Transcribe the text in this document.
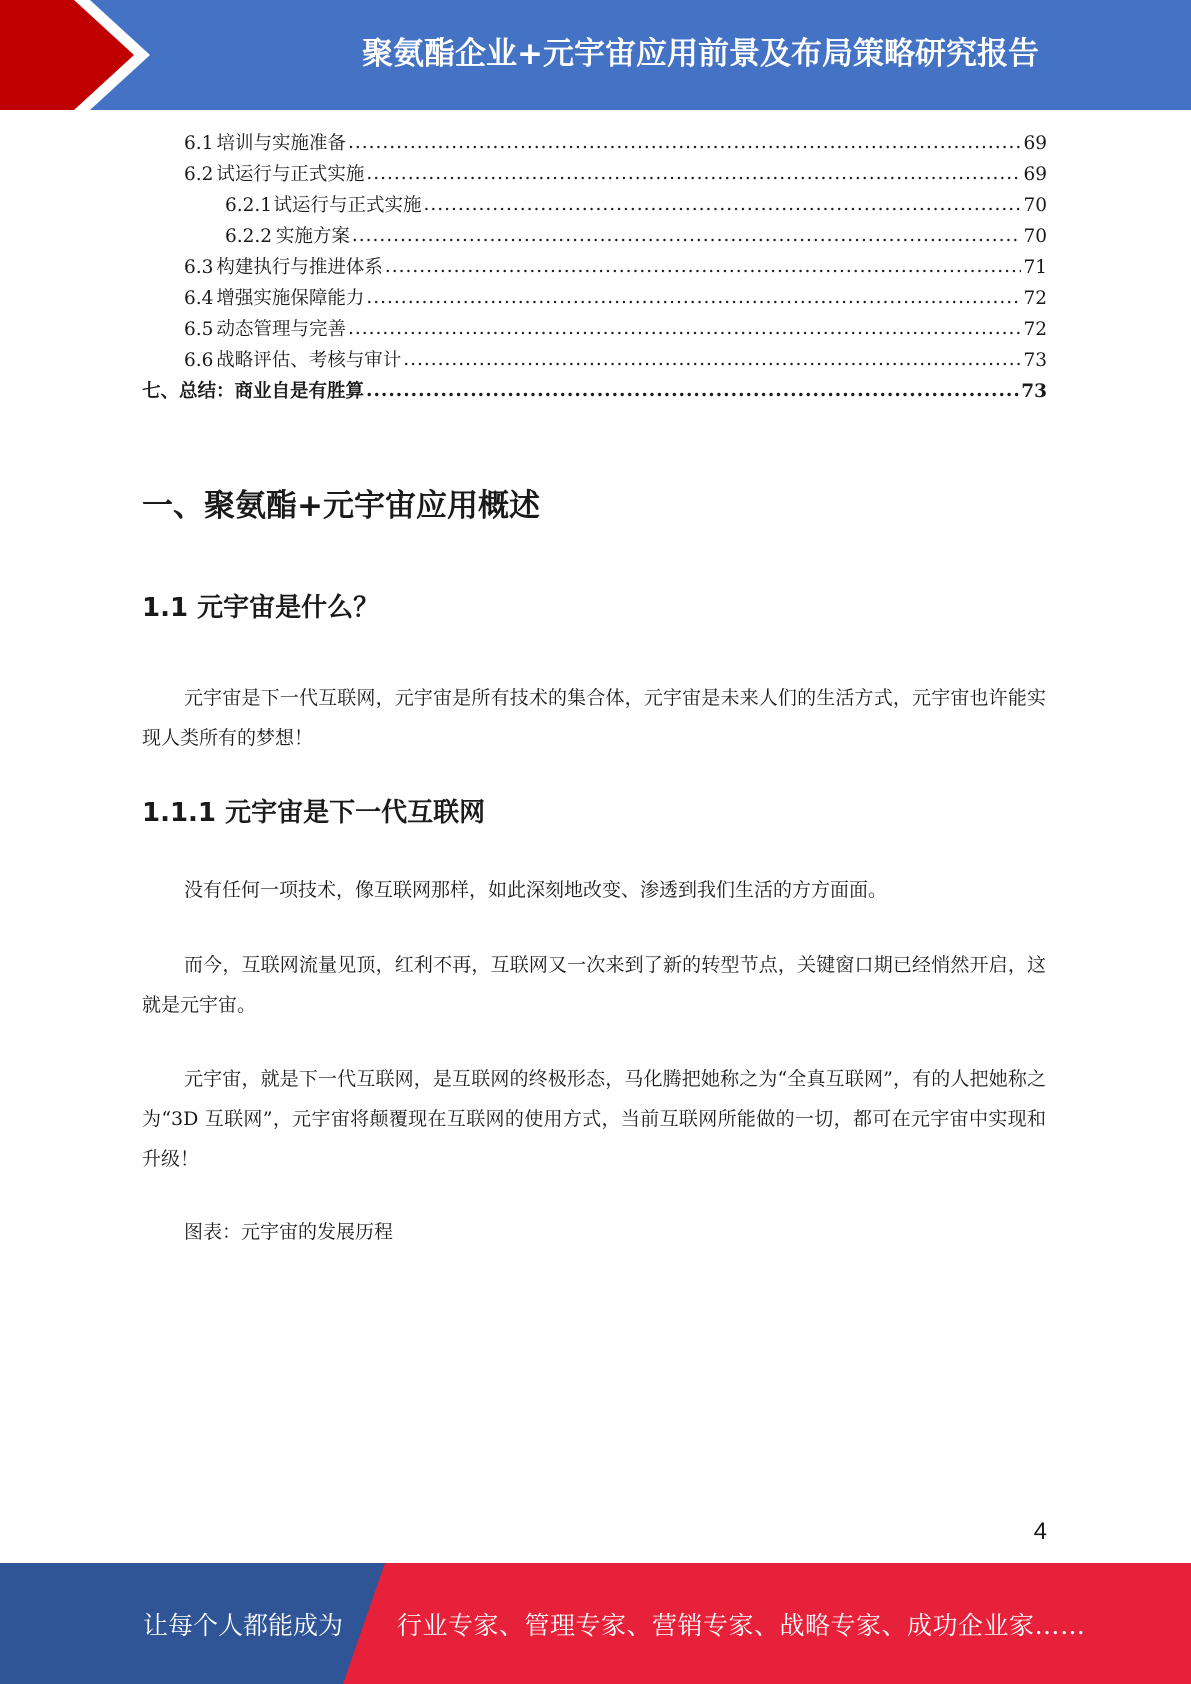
聚氨酯企业+元宇宙应用前景及布局策略研究报告
6.1 培训与实施准备 .....	69
6.2 试运行与正式实施 .....	69
6.2.1 试运行与正式实施 .....	70
6.2.2 实施方案 .....	70
6.3 构建执行与推进体系 .....	71
6.4 增强实施保障能力 .....	72
6.5 动态管理与完善 .....	72
6.6 战略评估、考核与审计 .....	73
七、 总结：商业自是有胜算 .....	73
一、聚氨酯+元宇宙应用概述
1.1 元宇宙是什么？

元宇宙是下一代互联网，元宇宙是所有技术的集合体，元宇宙是未来人们的生活方式，元宇宙也许能实现人类所有的梦想！

1.1.1 元宇宙是下一代互联网

没有任何一项技术，像互联网那样，如此深刻地改变、渗透到我们生活的方方面面。

而今，互联网流量见顶，红利不再，互联网又一次来到了新的转型节点，关键窗口期已经悄然开启，这就是元宇宙。

元宇宙，就是下一代互联网，是互联网的终极形态，马化腾把她称之为“全真互联网”，有的人把她称之为“3D 互联网”，元宇宙将颠覆现在互联网的使用方式，当前互联网所能做的一切，都可在元宇宙中实现和升级！

图表：元宇宙的发展历程

4
让每个人都能成为 行业专家、管理专家、营销专家、战略专家、成功企业家……
